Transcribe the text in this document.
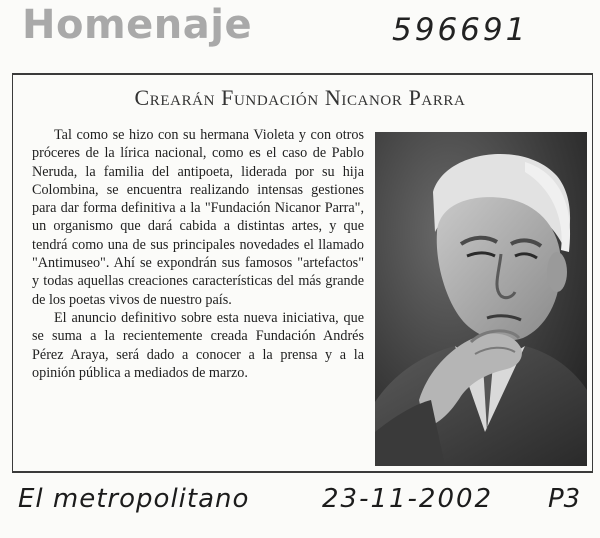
Homenaje	596691
Crearán Fundación Nicanor Parra

Tal como se hizo con su hermana Violeta y con otros próceres de la lírica nacional, como es el caso de Pablo Neruda, la familia del antipoeta, liderada por su hija Colombina, se encuentra realizando intensas gestiones para dar forma definitiva a la "Fundación Nicanor Parra", un organismo que dará cabida a distintas artes, y que tendrá como una de sus principales novedades el llamado "Antimuseo". Ahí se expondrán sus famosos "artefactos" y todas aquellas creaciones características del más grande de los poetas vivos de nuestro país.

El anuncio definitivo sobre esta nueva iniciativa, que se suma a la recientemente creada Fundación Andrés Pérez Araya, será dado a conocer a la prensa y a la opinión pública a mediados de marzo.

El metropolitano	23-11-2002 P3
